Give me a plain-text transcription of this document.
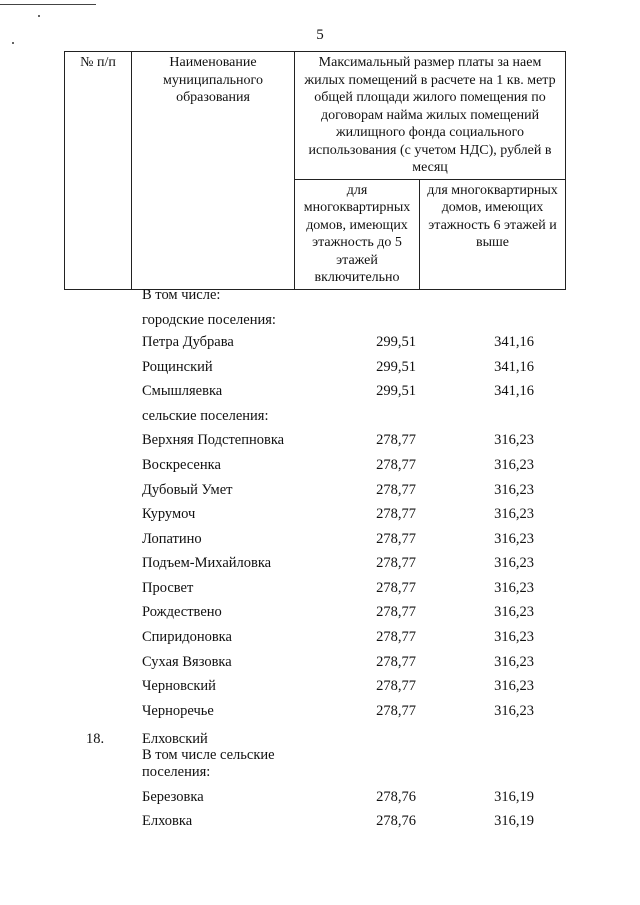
5
№ п/п	Наименование муниципального образования	Максимальный размер платы за наем жилых помещений в расчете на 1 кв. метр общей площади жилого помещения по договорам найма жилых помещений жилищного фонда социального использования (с учетом НДС), рублей в месяц	
		для многоквартирных домов, имеющих этажность до 5 этажей включительно	для многоквартирных домов, имеющих этажность 6 этажей и выше
В том числе:
городские поселения:
Петра Дубрава	299,51	341,16
Рощинский	299,51	341,16
Смышляевка	299,51	341,16
сельские поселения:
Верхняя Подстепновка	278,77	316,23
Воскресенка	278,77	316,23
Дубовый Умет	278,77	316,23
Курумоч	278,77	316,23
Лопатино	278,77	316,23
Подъем-Михайловка	278,77	316,23
Просвет	278,77	316,23
Рождествено	278,77	316,23
Спиридоновка	278,77	316,23
Сухая Вязовка	278,77	316,23
Черновский	278,77	316,23
Черноречье	278,77	316,23
18.	Елховский
В том числе сельские поселения:
Березовка	278,76	316,19
Елховка	278,76	316,19
